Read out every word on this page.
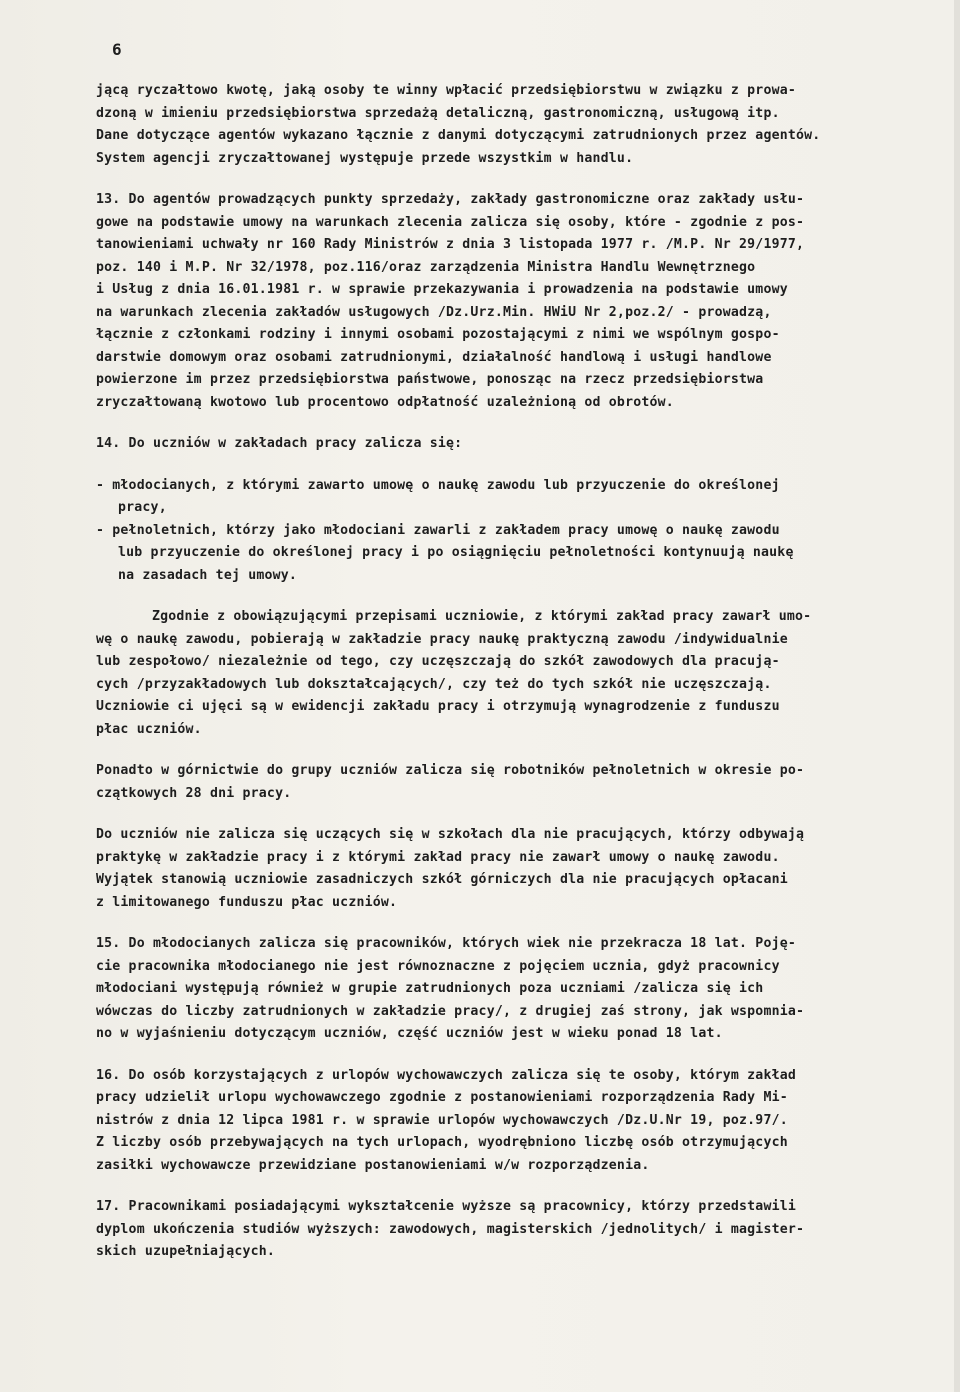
6
jącą ryczałtowo kwotę, jaką osoby te winny wpłacić przedsiębiorstwu w związku z prowa-
dzoną w imieniu przedsiębiorstwa sprzedażą detaliczną, gastronomiczną, usługową itp.
Dane dotyczące agentów wykazano łącznie z danymi dotyczącymi zatrudnionych przez agentów.
System agencji zryczałtowanej występuje przede wszystkim w handlu.
13. Do agentów prowadzących punkty sprzedaży, zakłady gastronomiczne oraz zakłady usłu-
gowe na podstawie umowy na warunkach zlecenia zalicza się osoby, które - zgodnie z pos-
tanowieniami uchwały nr 160 Rady Ministrów z dnia 3 listopada 1977 r. /M.P. Nr 29/1977,
poz. 140 i M.P. Nr 32/1978, poz.116/oraz zarządzenia Ministra Handlu Wewnętrznego
i Usług z dnia 16.01.1981 r. w sprawie przekazywania i prowadzenia na podstawie umowy
na warunkach zlecenia zakładów usługowych /Dz.Urz.Min. HWiU Nr 2,poz.2/ - prowadzą,
łącznie z członkami rodziny i innymi osobami pozostającymi z nimi we wspólnym gospo-
darstwie domowym oraz osobami zatrudnionymi, działalność handlową i usługi handlowe
powierzone im przez przedsiębiorstwa państwowe, ponosząc na rzecz przedsiębiorstwa
zryczałtowaną kwotowo lub procentowo odpłatność uzależnioną od obrotów.
14. Do uczniów w zakładach pracy zalicza się:
- młodocianych, z którymi zawarto umowę o naukę zawodu lub przyuczenie do określonej
pracy,
- pełnoletnich, którzy jako młodociani zawarli z zakładem pracy umowę o naukę zawodu
lub przyuczenie do określonej pracy i po osiągnięciu pełnoletności kontynuują naukę
na zasadach tej umowy.
Zgodnie z obowiązującymi przepisami uczniowie, z którymi zakład pracy zawarł umo-
wę o naukę zawodu, pobierają w zakładzie pracy naukę praktyczną zawodu /indywidualnie
lub zespołowo/ niezależnie od tego, czy uczęszczają do szkół zawodowych dla pracują-
cych /przyzakładowych lub dokształcających/, czy też do tych szkół nie uczęszczają.
Uczniowie ci ujęci są w ewidencji zakładu pracy i otrzymują wynagrodzenie z funduszu
płac uczniów.
Ponadto w górnictwie do grupy uczniów zalicza się robotników pełnoletnich w okresie po-
czątkowych 28 dni pracy.
Do uczniów nie zalicza się uczących się w szkołach dla nie pracujących, którzy odbywają
praktykę w zakładzie pracy i z którymi zakład pracy nie zawarł umowy o naukę zawodu.
Wyjątek stanowią uczniowie zasadniczych szkół górniczych dla nie pracujących opłacani
z limitowanego funduszu płac uczniów.
15. Do młodocianych zalicza się pracowników, których wiek nie przekracza 18 lat. Poję-
cie pracownika młodocianego nie jest równoznaczne z pojęciem ucznia, gdyż pracownicy
młodociani występują również w grupie zatrudnionych poza uczniami /zalicza się ich
wówczas do liczby zatrudnionych w zakładzie pracy/, z drugiej zaś strony, jak wspomnia-
no w wyjaśnieniu dotyczącym uczniów, część uczniów jest w wieku ponad 18 lat.
16. Do osób korzystających z urlopów wychowawczych zalicza się te osoby, którym zakład
pracy udzielił urlopu wychowawczego zgodnie z postanowieniami rozporządzenia Rady Mi-
nistrów z dnia 12 lipca 1981 r. w sprawie urlopów wychowawczych /Dz.U.Nr 19, poz.97/.
Z liczby osób przebywających na tych urlopach, wyodrębniono liczbę osób otrzymujących
zasiłki wychowawcze przewidziane postanowieniami w/w rozporządzenia.
17. Pracownikami posiadającymi wykształcenie wyższe są pracownicy, którzy przedstawili
dyplom ukończenia studiów wyższych: zawodowych, magisterskich /jednolitych/ i magister-
skich uzupełniających.
